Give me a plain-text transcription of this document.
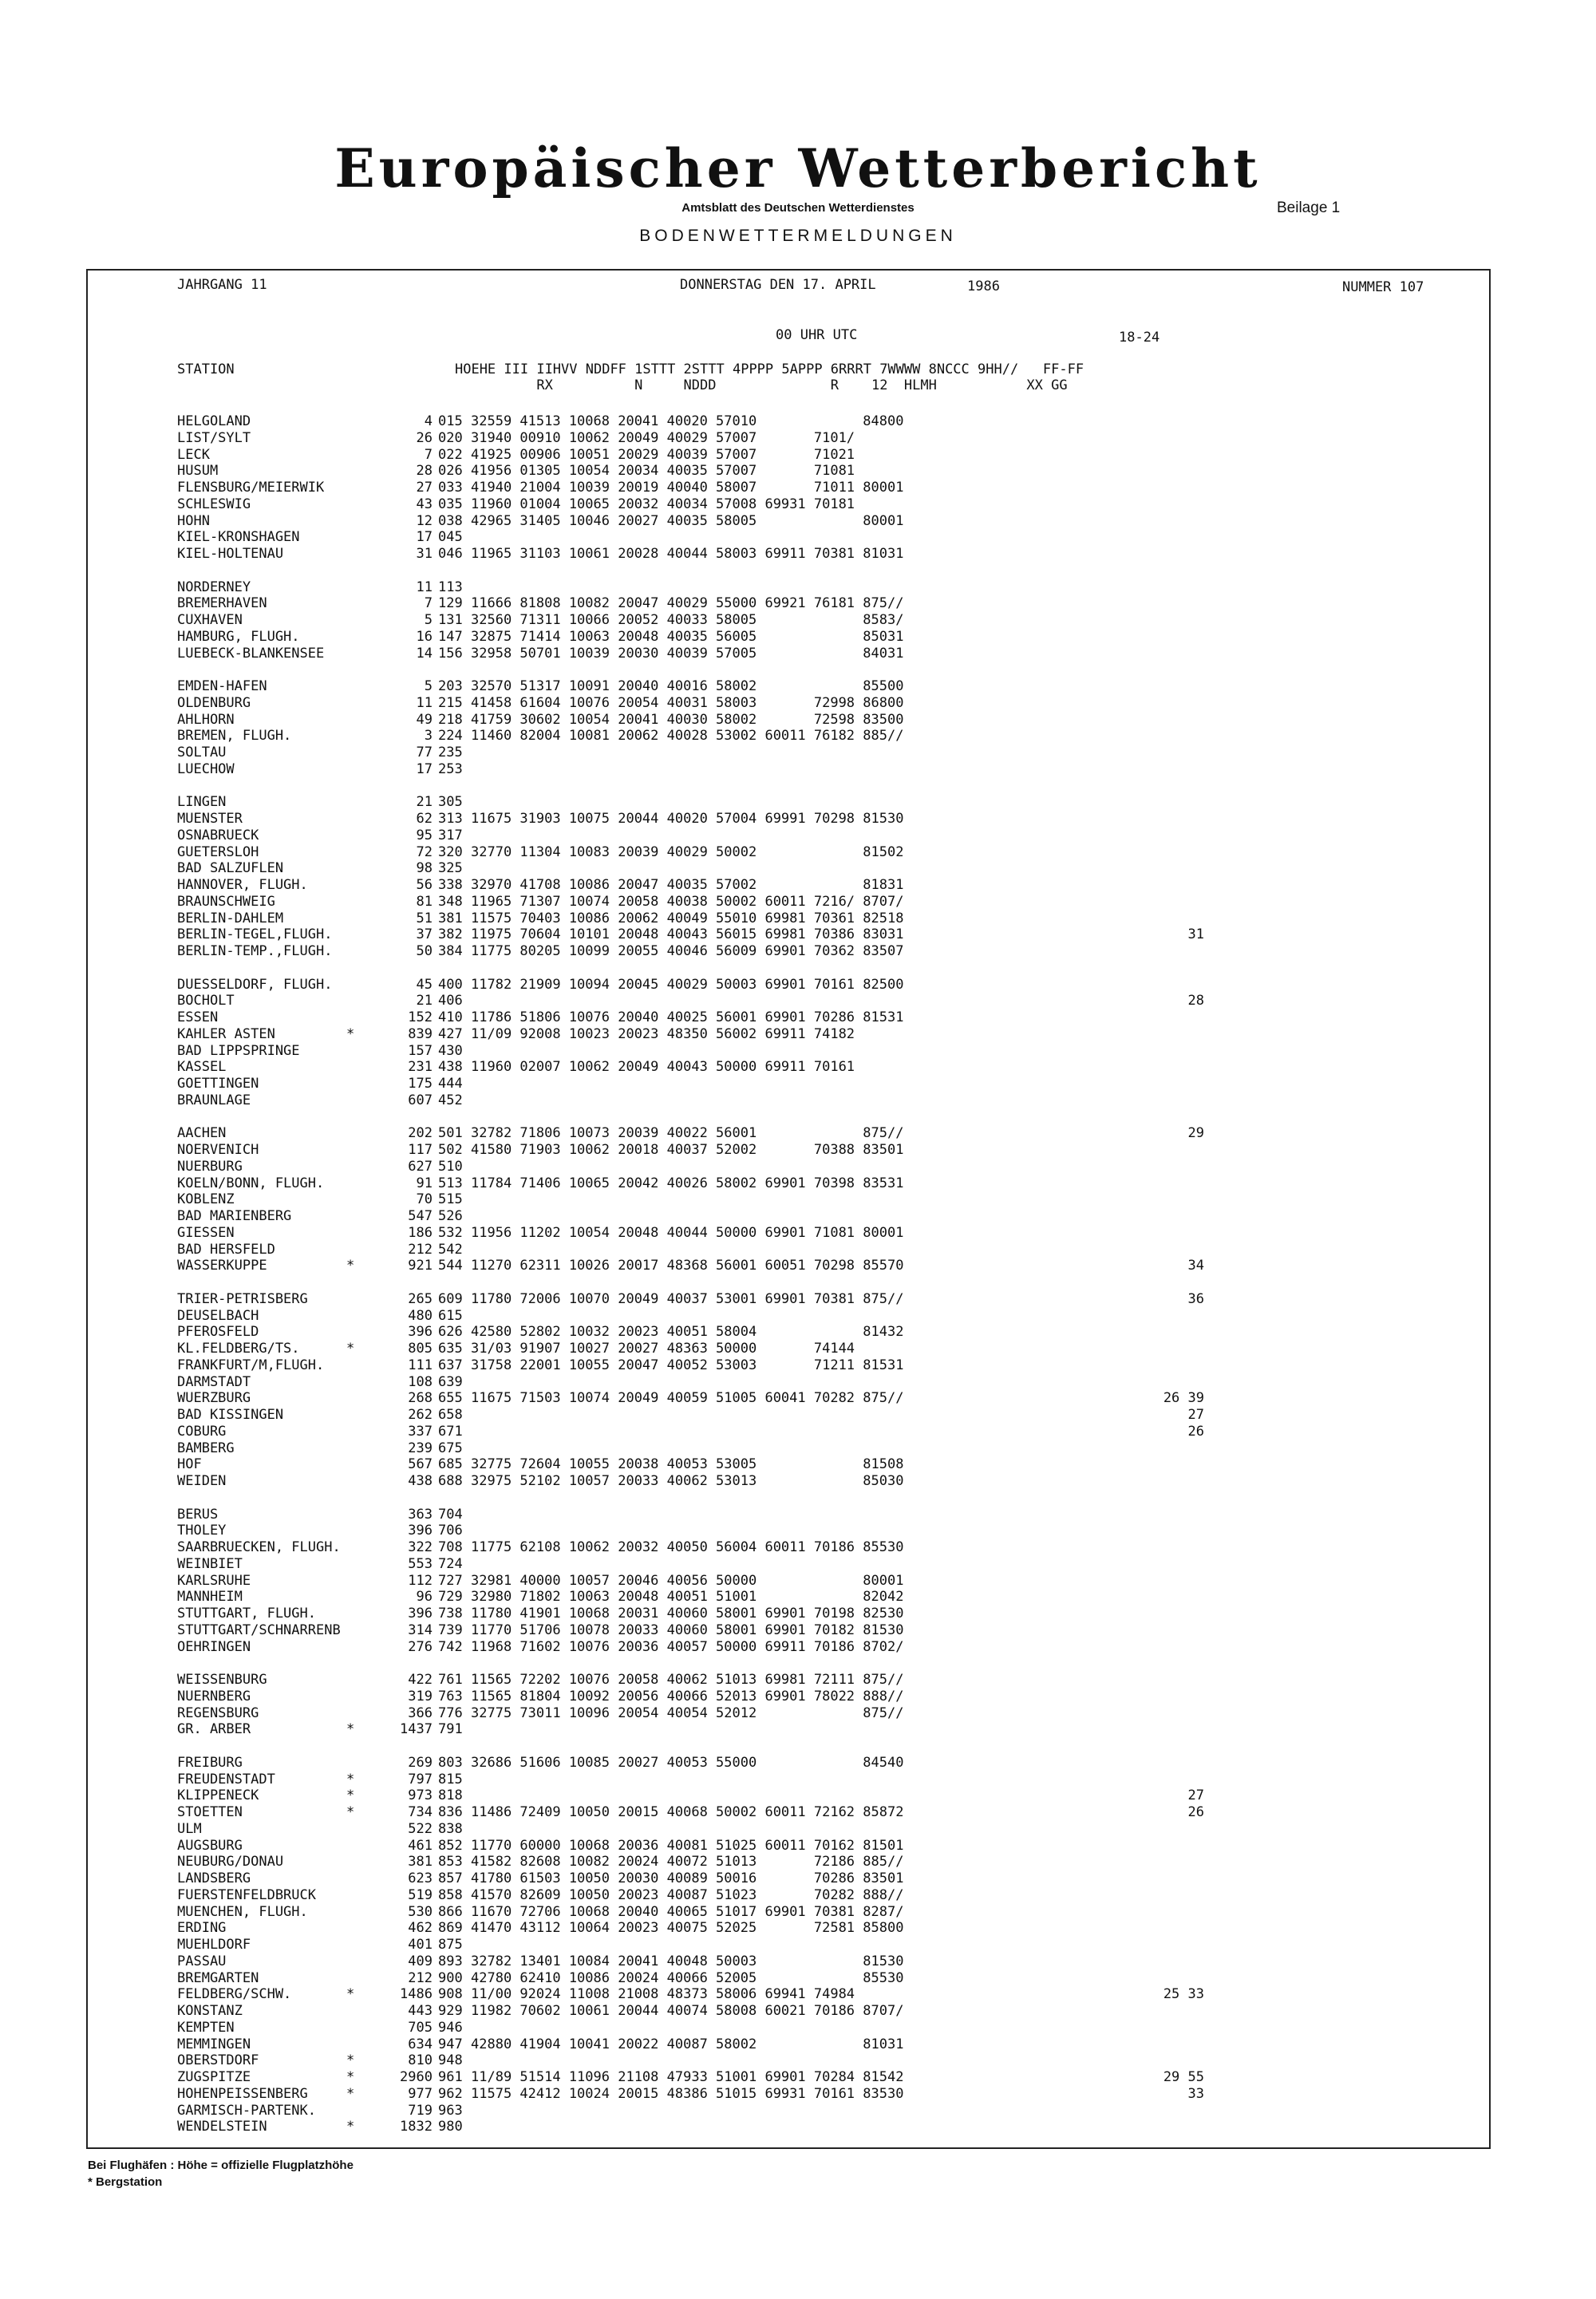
Europäischer Wetterbericht
Amtsblatt des Deutschen Wetterdienstes	Beilage 1
BODENWETTERMELDUNGEN
JAHRGANG 11	DONNERSTAG DEN 17. APRIL	1986	NUMMER 107
00 UHR UTC	18-24
STATION                           HOEHE III IIHVV NDDFF 1STTT 2STTT 4PPPP 5APPP 6RRRT 7WWWW 8NCCC 9HH//   FF-FF
RX          N     NDDD              R    12  HLMH           XX GG
HELGOLAND	4 015 32559 41513 10068 20041 40020 57010             84800
LIST/SYLT	26 020 31940 00910 10062 20049 40029 57007       7101/
LECK	7 022 41925 00906 10051 20029 40039 57007       71021
HUSUM	28 026 41956 01305 10054 20034 40035 57007       71081
FLENSBURG/MEIERWIK	27 033 41940 21004 10039 20019 40040 58007       71011 80001
SCHLESWIG	43 035 11960 01004 10065 20032 40034 57008 69931 70181
HOHN	12 038 42965 31405 10046 20027 40035 58005             80001
KIEL-KRONSHAGEN	17 045
KIEL-HOLTENAU	31 046 11965 31103 10061 20028 40044 58003 69911 70381 81031
NORDERNEY	11 113
BREMERHAVEN	7 129 11666 81808 10082 20047 40029 55000 69921 76181 875//
CUXHAVEN	5 131 32560 71311 10066 20052 40033 58005             8583/
HAMBURG, FLUGH.	16 147 32875 71414 10063 20048 40035 56005             85031
LUEBECK-BLANKENSEE	14 156 32958 50701 10039 20030 40039 57005             84031
EMDEN-HAFEN	5 203 32570 51317 10091 20040 40016 58002             85500
OLDENBURG	11 215 41458 61604 10076 20054 40031 58003       72998 86800
AHLHORN	49 218 41759 30602 10054 20041 40030 58002       72598 83500
BREMEN, FLUGH.	3 224 11460 82004 10081 20062 40028 53002 60011 76182 885//
SOLTAU	77 235
LUECHOW	17 253
LINGEN	21 305
MUENSTER	62 313 11675 31903 10075 20044 40020 57004 69991 70298 81530
OSNABRUECK	95 317
GUETERSLOH	72 320 32770 11304 10083 20039 40029 50002             81502
BAD SALZUFLEN	98 325
HANNOVER, FLUGH.	56 338 32970 41708 10086 20047 40035 57002             81831
BRAUNSCHWEIG	81 348 11965 71307 10074 20058 40038 50002 60011 7216/ 8707/
BERLIN-DAHLEM	51 381 11575 70403 10086 20062 40049 55010 69981 70361 82518
BERLIN-TEGEL,FLUGH.	37 382 11975 70604 10101 20048 40043 56015 69981 70386 83031	31
BERLIN-TEMP.,FLUGH.	50 384 11775 80205 10099 20055 40046 56009 69901 70362 83507
DUESSELDORF, FLUGH.	45 400 11782 21909 10094 20045 40029 50003 69901 70161 82500
BOCHOLT	21 406	28
ESSEN	152 410 11786 51806 10076 20040 40025 56001 69901 70286 81531
KAHLER ASTEN	*	839 427 11/09 92008 10023 20023 48350 56002 69911 74182
BAD LIPPSPRINGE	157 430
KASSEL	231 438 11960 02007 10062 20049 40043 50000 69911 70161
GOETTINGEN	175 444
BRAUNLAGE	607 452
AACHEN	202 501 32782 71806 10073 20039 40022 56001             875//	29
NOERVENICH	117 502 41580 71903 10062 20018 40037 52002       70388 83501
NUERBURG	627 510
KOELN/BONN, FLUGH.	91 513 11784 71406 10065 20042 40026 58002 69901 70398 83531
KOBLENZ	70 515
BAD MARIENBERG	547 526
GIESSEN	186 532 11956 11202 10054 20048 40044 50000 69901 71081 80001
BAD HERSFELD	212 542
WASSERKUPPE	*	921 544 11270 62311 10026 20017 48368 56001 60051 70298 85570	34
TRIER-PETRISBERG	265 609 11780 72006 10070 20049 40037 53001 69901 70381 875//	36
DEUSELBACH	480 615
PFEROSFELD	396 626 42580 52802 10032 20023 40051 58004             81432
KL.FELDBERG/TS.	*	805 635 31/03 91907 10027 20027 48363 50000       74144
FRANKFURT/M,FLUGH.	111 637 31758 22001 10055 20047 40052 53003       71211 81531
DARMSTADT	108 639
WUERZBURG	268 655 11675 71503 10074 20049 40059 51005 60041 70282 875//	26 39
BAD KISSINGEN	262 658	27
COBURG	337 671	26
BAMBERG	239 675
HOF	567 685 32775 72604 10055 20038 40053 53005             81508
WEIDEN	438 688 32975 52102 10057 20033 40062 53013             85030
BERUS	363 704
THOLEY	396 706
SAARBRUECKEN, FLUGH.	322 708 11775 62108 10062 20032 40050 56004 60011 70186 85530
WEINBIET	553 724
KARLSRUHE	112 727 32981 40000 10057 20046 40056 50000             80001
MANNHEIM	96 729 32980 71802 10063 20048 40051 51001             82042
STUTTGART, FLUGH.	396 738 11780 41901 10068 20031 40060 58001 69901 70198 82530
STUTTGART/SCHNARRENB	314 739 11770 51706 10078 20033 40060 58001 69901 70182 81530
OEHRINGEN	276 742 11968 71602 10076 20036 40057 50000 69911 70186 8702/
WEISSENBURG	422 761 11565 72202 10076 20058 40062 51013 69981 72111 875//
NUERNBERG	319 763 11565 81804 10092 20056 40066 52013 69901 78022 888//
REGENSBURG	366 776 32775 73011 10096 20054 40054 52012             875//
GR. ARBER	*	1437 791
FREIBURG	269 803 32686 51606 10085 20027 40053 55000             84540
FREUDENSTADT	*	797 815
KLIPPENECK	*	973 818	27
STOETTEN	*	734 836 11486 72409 10050 20015 40068 50002 60011 72162 85872	26
ULM	522 838
AUGSBURG	461 852 11770 60000 10068 20036 40081 51025 60011 70162 81501
NEUBURG/DONAU	381 853 41582 82608 10082 20024 40072 51013       72186 885//
LANDSBERG	623 857 41780 61503 10050 20030 40089 50016       70286 83501
FUERSTENFELDBRUCK	519 858 41570 82609 10050 20023 40087 51023       70282 888//
MUENCHEN, FLUGH.	530 866 11670 72706 10068 20040 40065 51017 69901 70381 8287/
ERDING	462 869 41470 43112 10064 20023 40075 52025       72581 85800
MUEHLDORF	401 875
PASSAU	409 893 32782 13401 10084 20041 40048 50003             81530
BREMGARTEN	212 900 42780 62410 10086 20024 40066 52005             85530
FELDBERG/SCHW.	*	1486 908 11/00 92024 11008 21008 48373 58006 69941 74984	25 33
KONSTANZ	443 929 11982 70602 10061 20044 40074 58008 60021 70186 8707/
KEMPTEN	705 946
MEMMINGEN	634 947 42880 41904 10041 20022 40087 58002             81031
OBERSTDORF	*	810 948
ZUGSPITZE	*	2960 961 11/89 51514 11096 21108 47933 51001 69901 70284 81542	29 55
HOHENPEISSENBERG	*	977 962 11575 42412 10024 20015 48386 51015 69931 70161 83530	33
GARMISCH-PARTENK.	719 963
WENDELSTEIN	*	1832 980
Bei Flughäfen : Höhe = offizielle Flugplatzhöhe
* Bergstation
